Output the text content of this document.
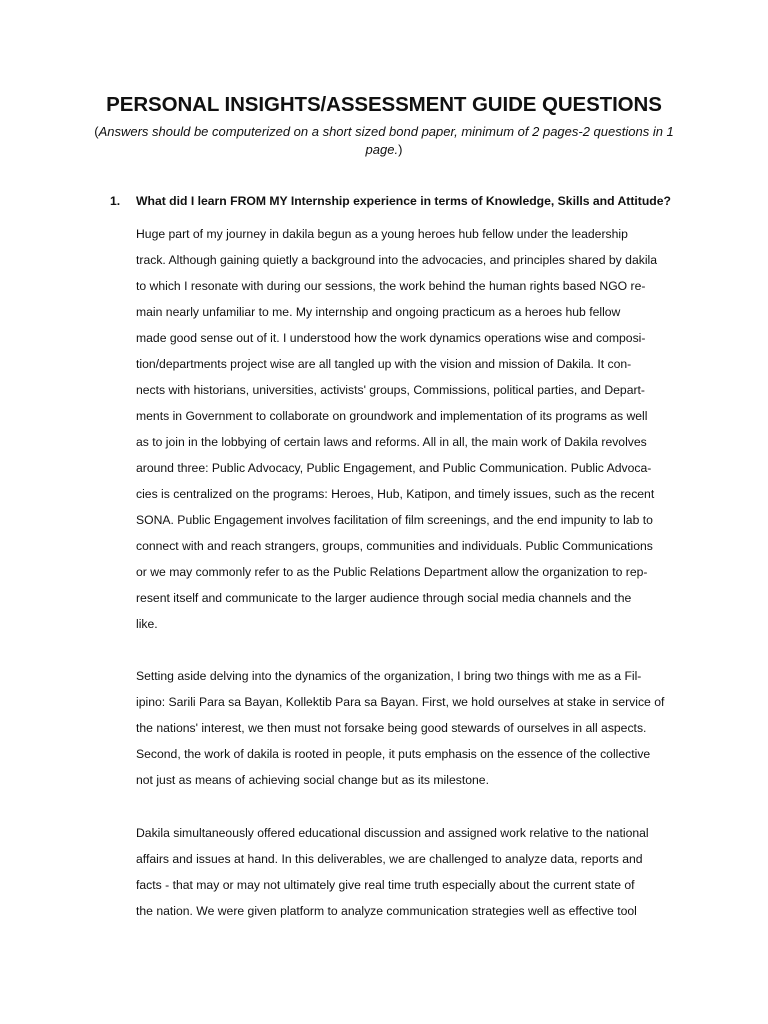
PERSONAL INSIGHTS/ASSESSMENT GUIDE QUESTIONS
(Answers should be computerized on a short sized bond paper, minimum of 2 pages-2 questions in 1 page.)
1. What did I learn FROM MY Internship experience in terms of Knowledge, Skills and Attitude?
Huge part of my journey in dakila begun as a young heroes hub fellow under the leadership
track. Although gaining quietly a background into the advocacies, and principles shared by dakila
to which I resonate with during our sessions, the work behind the human rights based NGO re-
main nearly unfamiliar to me. My internship and ongoing practicum as a heroes hub fellow
made good sense out of it. I understood how the work dynamics operations wise and composi-
tion/departments project wise are all tangled up with the vision and mission of Dakila. It con-
nects with historians, universities, activists' groups, Commissions, political parties, and Depart-
ments in Government to collaborate on groundwork and implementation of its programs as well
as to join in the lobbying of certain laws and reforms. All in all, the main work of Dakila revolves
around three: Public Advocacy, Public Engagement, and Public Communication. Public Advoca-
cies is centralized on the programs: Heroes, Hub, Katipon, and timely issues, such as the recent
SONA. Public Engagement involves facilitation of film screenings, and the end impunity to lab to
connect with and reach strangers, groups, communities and individuals. Public Communications
or we may commonly refer to as the Public Relations Department allow the organization to rep-
resent itself and communicate to the larger audience through social media channels and the
like.
Setting aside delving into the dynamics of the organization, I bring two things with me as a Fil-
ipino: Sarili Para sa Bayan, Kollektib Para sa Bayan. First, we hold ourselves at stake in service of
the nations' interest, we then must not forsake being good stewards of ourselves in all aspects.
Second, the work of dakila is rooted in people, it puts emphasis on the essence of the collective
not just as means of achieving social change but as its milestone.
Dakila simultaneously offered educational discussion and assigned work relative to the national
affairs and issues at hand. In this deliverables, we are challenged to analyze data, reports and
facts - that may or may not ultimately give real time truth especially about the current state of
the nation. We were given platform to analyze communication strategies well as effective tool
